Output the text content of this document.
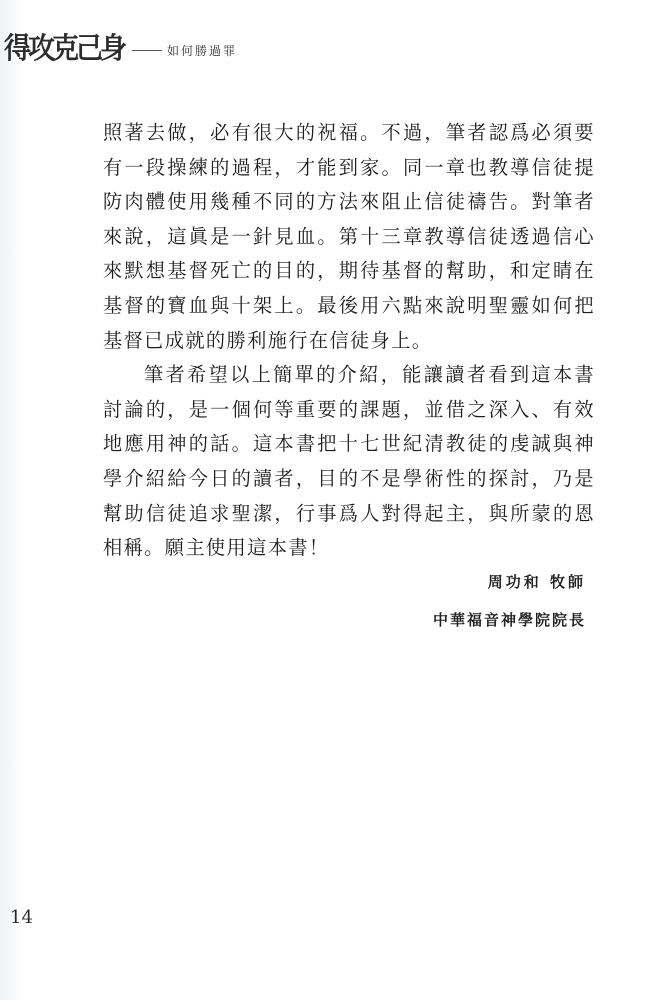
得攻克己身	如何勝過罪

照著去做，必有很大的祝福。不過，筆者認爲必須要有一段操練的過程，才能到家。同一章也教導信徒提防肉體使用幾種不同的方法來阻止信徒禱告。對筆者來說，這眞是一針見血。第十三章教導信徒透過信心來默想基督死亡的目的，期待基督的幫助，和定睛在基督的寶血與十架上。最後用六點來說明聖靈如何把基督已成就的勝利施行在信徒身上。

筆者希望以上簡單的介紹，能讓讀者看到這本書討論的，是一個何等重要的課題，並借之深入、有效地應用神的話。這本書把十七世紀清教徒的虔誠與神學介紹給今日的讀者，目的不是學術性的探討，乃是幫助信徒追求聖潔，行事爲人對得起主，與所蒙的恩相稱。願主使用這本書！

周功和 牧師
中華福音神學院院長
14
